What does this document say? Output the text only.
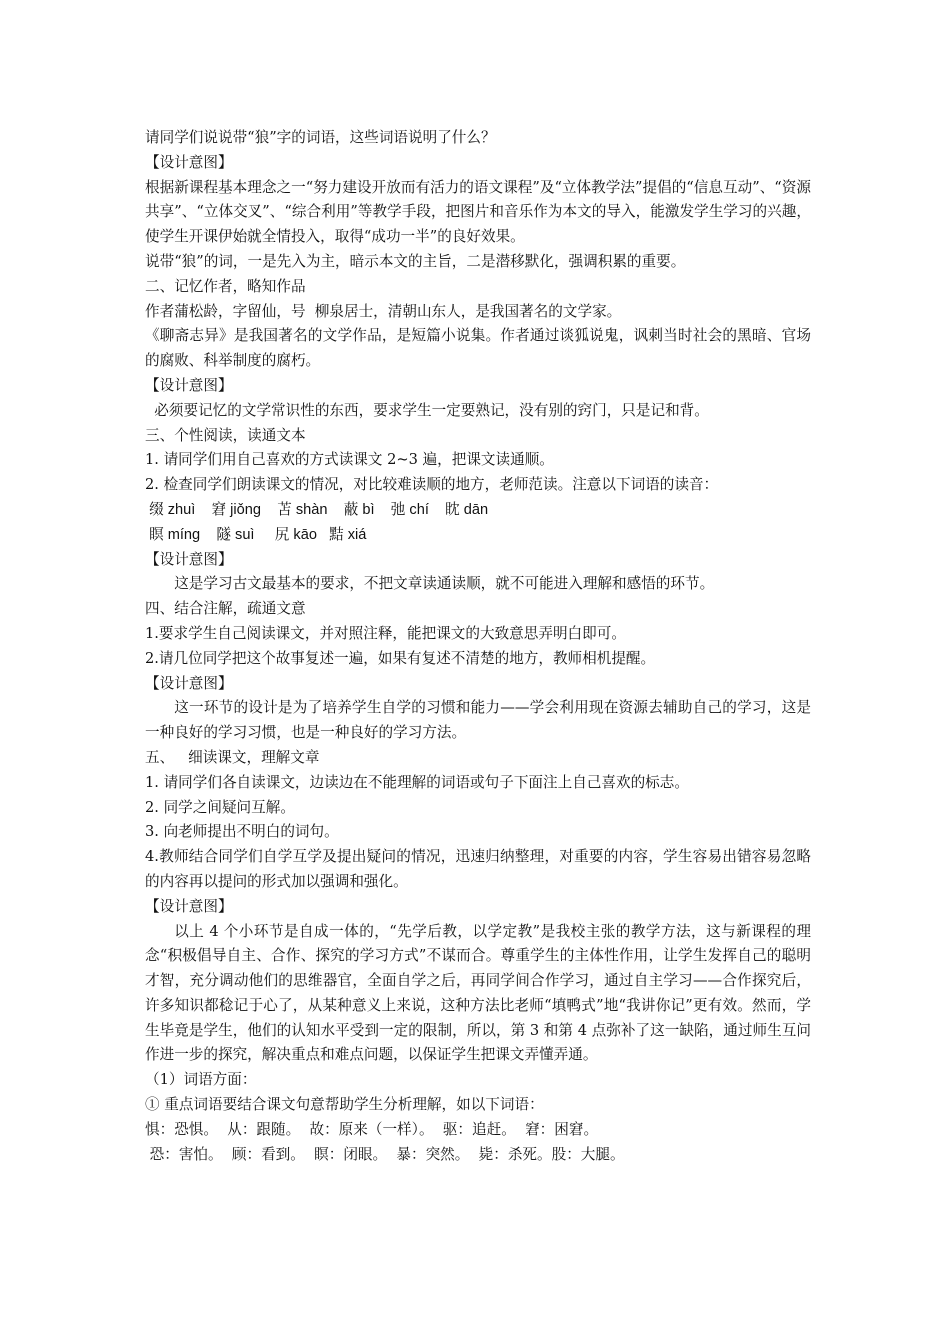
请同学们说说带“狼”字的词语，这些词语说明了什么？

【设计意图】

根据新课程基本理念之一“努力建设开放而有活力的语文课程”及“立体教学法”提倡的“信息互动”、“资源共享”、“立体交叉”、“综合利用”等教学手段，把图片和音乐作为本文的导入，能激发学生学习的兴趣，使学生开课伊始就全情投入，取得“成功一半”的良好效果。

说带“狼”的词，一是先入为主，暗示本文的主旨，二是潜移默化，强调积累的重要。

二、记忆作者，略知作品

作者蒲松龄，字留仙，号  柳泉居士，清朝山东人，是我国著名的文学家。

《聊斋志异》是我国著名的文学作品，是短篇小说集。作者通过谈狐说鬼，讽刺当时社会的黑暗、官场的腐败、科举制度的腐朽。

【设计意图】

必须要记忆的文学常识性的东西，要求学生一定要熟记，没有别的窍门，只是记和背。

三、个性阅读，读通文本

1. 请同学们用自己喜欢的方式读课文 2~3 遍，把课文读通顺。

2. 检查同学们朗读课文的情况，对比较难读顺的地方，老师范读。注意以下词语的读音：

缀 zhuì    窘 jiǒng    苫 shàn    蔽 bì    弛 chí    眈 dān

瞑 míng    隧 suì     尻 kāo   黠 xiá

【设计意图】

这是学习古文最基本的要求，不把文章读通读顺，就不可能进入理解和感悟的环节。

四、结合注解，疏通文意

1.要求学生自己阅读课文，并对照注释，能把课文的大致意思弄明白即可。

2.请几位同学把这个故事复述一遍，如果有复述不清楚的地方，教师相机提醒。

【设计意图】

这一环节的设计是为了培养学生自学的习惯和能力——学会利用现在资源去辅助自己的学习，这是一种良好的学习习惯，也是一种良好的学习方法。

五、   细读课文，理解文章

1. 请同学们各自读课文，边读边在不能理解的词语或句子下面注上自己喜欢的标志。

2. 同学之间疑问互解。

3. 向老师提出不明白的词句。

4.教师结合同学们自学互学及提出疑问的情况，迅速归纳整理，对重要的内容，学生容易出错容易忽略的内容再以提问的形式加以强调和强化。

【设计意图】

以上 4 个小环节是自成一体的，“先学后教，以学定教”是我校主张的教学方法，这与新课程的理念“积极倡导自主、合作、探究的学习方式”不谋而合。尊重学生的主体性作用，让学生发挥自己的聪明才智，充分调动他们的思维器官，全面自学之后，再同学间合作学习，通过自主学习——合作探究后，许多知识都稔记于心了，从某种意义上来说，这种方法比老师“填鸭式”地“我讲你记”更有效。然而，学生毕竟是学生，他们的认知水平受到一定的限制，所以，第 3 和第 4 点弥补了这一缺陷，通过师生互问作进一步的探究，解决重点和难点问题，以保证学生把课文弄懂弄通。

（1）词语方面：

① 重点词语要结合课文句意帮助学生分析理解，如以下词语：

惧：恐惧。  从：跟随。  故：原来（一样）。  驱：追赶。  窘：困窘。

恐：害怕。  顾：看到。  瞑：闭眼。  暴：突然。  毙：杀死。股：大腿。
